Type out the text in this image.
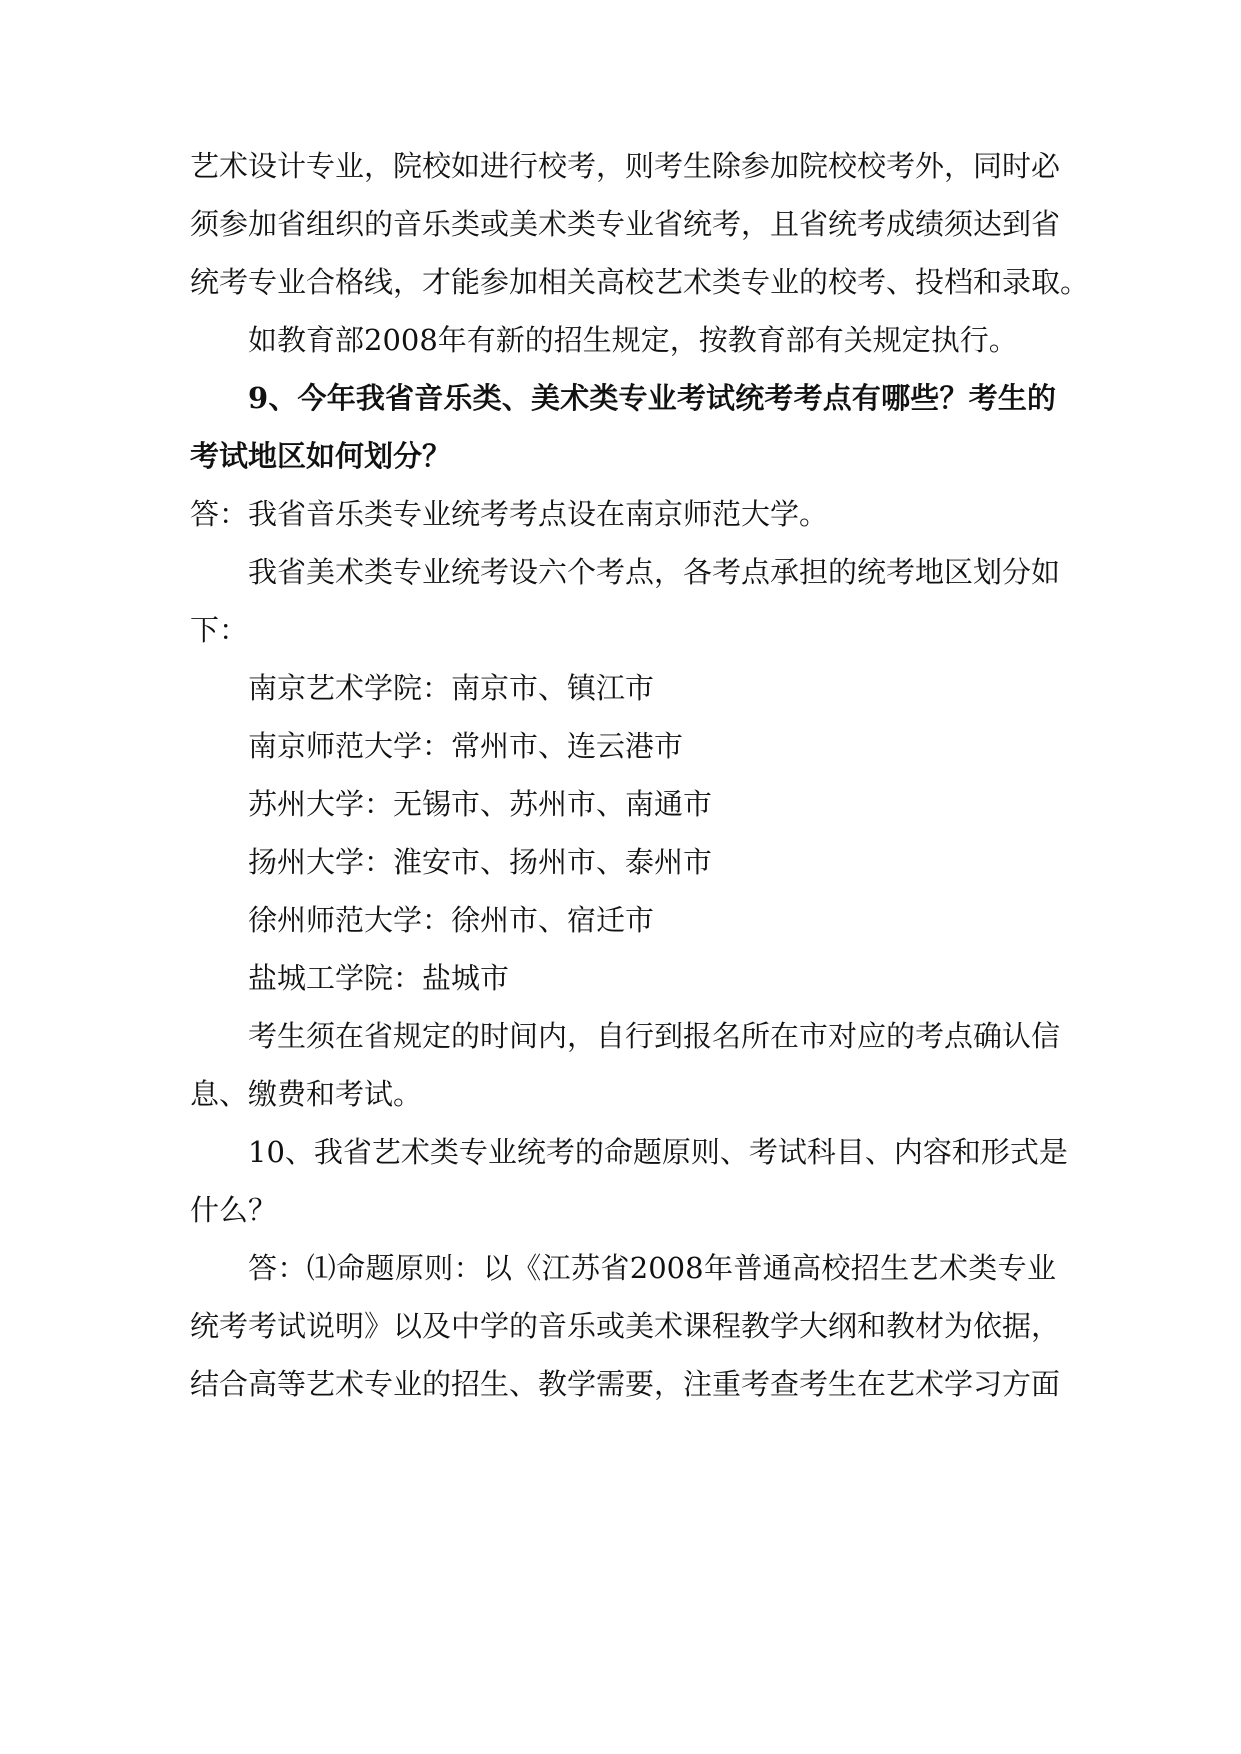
艺术设计专业，院校如进行校考，则考生除参加院校校考外，同时必
须参加省组织的音乐类或美术类专业省统考，且省统考成绩须达到省
统考专业合格线，才能参加相关高校艺术类专业的校考、投档和录取。
如教育部2008年有新的招生规定，按教育部有关规定执行。
9、今年我省音乐类、美术类专业考试统考考点有哪些？考生的
考试地区如何划分？
答：我省音乐类专业统考考点设在南京师范大学。
我省美术类专业统考设六个考点，各考点承担的统考地区划分如
下：
南京艺术学院：南京市、镇江市
南京师范大学：常州市、连云港市
苏州大学：无锡市、苏州市、南通市
扬州大学：淮安市、扬州市、泰州市
徐州师范大学：徐州市、宿迁市
盐城工学院：盐城市
考生须在省规定的时间内，自行到报名所在市对应的考点确认信
息、缴费和考试。
10、我省艺术类专业统考的命题原则、考试科目、内容和形式是
什么？
答：⑴命题原则：以《江苏省2008年普通高校招生艺术类专业
统考考试说明》以及中学的音乐或美术课程教学大纲和教材为依据，
结合高等艺术专业的招生、教学需要，注重考查考生在艺术学习方面
